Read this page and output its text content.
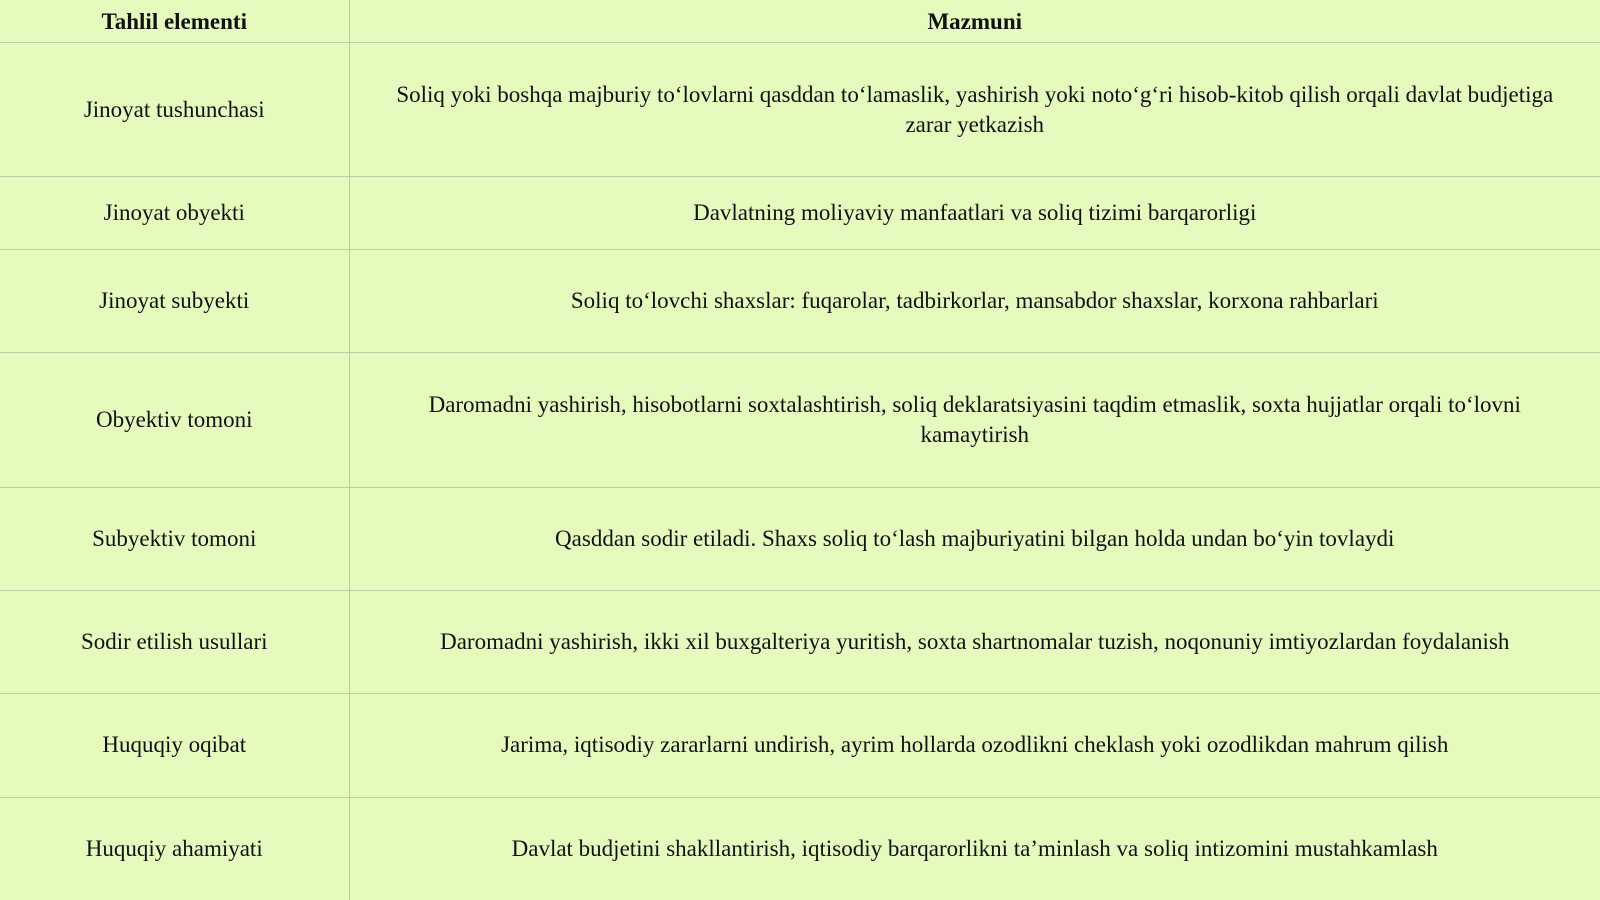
Tahlil elementi	Mazmuni
Jinoyat tushunchasi	Soliq yoki boshqa majburiy to‘lovlarni qasddan to‘lamaslik, yashirish yoki noto‘g‘ri hisob-kitob qilish orqali davlat budjetiga zarar yetkazish
Jinoyat obyekti	Davlatning moliyaviy manfaatlari va soliq tizimi barqarorligi
Jinoyat subyekti	Soliq to‘lovchi shaxslar: fuqarolar, tadbirkorlar, mansabdor shaxslar, korxona rahbarlari
Obyektiv tomoni	Daromadni yashirish, hisobotlarni soxtalashtirish, soliq deklaratsiyasini taqdim etmaslik, soxta hujjatlar orqali to‘lovni kamaytirish
Subyektiv tomoni	Qasddan sodir etiladi. Shaxs soliq to‘lash majburiyatini bilgan holda undan bo‘yin tovlaydi
Sodir etilish usullari	Daromadni yashirish, ikki xil buxgalteriya yuritish, soxta shartnomalar tuzish, noqonuniy imtiyozlardan foydalanish
Huquqiy oqibat	Jarima, iqtisodiy zararlarni undirish, ayrim hollarda ozodlikni cheklash yoki ozodlikdan mahrum qilish
Huquqiy ahamiyati	Davlat budjetini shakllantirish, iqtisodiy barqarorlikni ta’minlash va soliq intizomini mustahkamlash
